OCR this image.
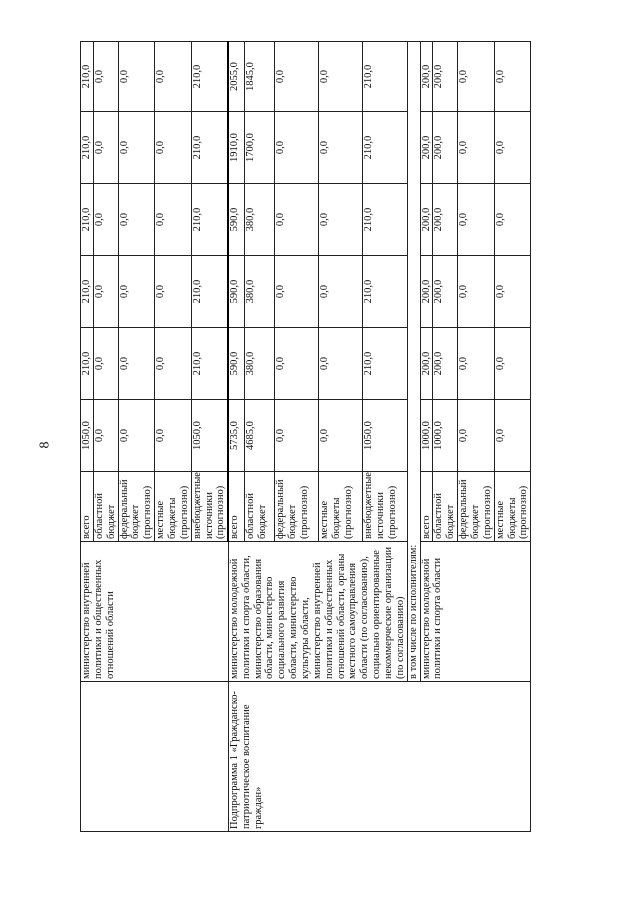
8
	министерство внутренней политики и общественных отношений области	всего	1050,0	210,0	210,0	210,0	210,0	210,0
		областной бюджет	0,0	0,0	0,0	0,0	0,0	0,0
		федеральный бюджет (прогнозно)	0,0	0,0	0,0	0,0	0,0	0,0
		местные бюджеты (прогнозно)	0,0	0,0	0,0	0,0	0,0	0,0
		внебюджетные источники (прогнозно)	1050,0	210,0	210,0	210,0	210,0	210,0
Подпрограмма 1 «Гражданско-патриотическое воспитание граждан»	министерство молодежной политики и спорта области, министерство образования области, министерство социального развития области, министерство культуры области, министерство внутренней политики и общественных отношений области, органы местного самоуправления области (по согласованию), социально ориентированные некоммерческие организации (по согласованию)	всего	5735,0	590,0	590,0	590,0	1910,0	2055,0
		областной бюджет	4685,0	380,0	380,0	380,0	1700,0	1845,0
		федеральный бюджет (прогнозно)	0,0	0,0	0,0	0,0	0,0	0,0
		местные бюджеты (прогнозно)	0,0	0,0	0,0	0,0	0,0	0,0
		внебюджетные источники (прогнозно)	1050,0	210,0	210,0	210,0	210,0	210,0
	в том числе по исполнителям:							
	министерство молодежной политики и спорта области	всего	1000,0	200,0	200,0	200,0	200,0	200,0
		областной бюджет	1000,0	200,0	200,0	200,0	200,0	200,0
		федеральный бюджет (прогнозно)	0,0	0,0	0,0	0,0	0,0	0,0
		местные бюджеты (прогнозно)	0,0	0,0	0,0	0,0	0,0	0,0
